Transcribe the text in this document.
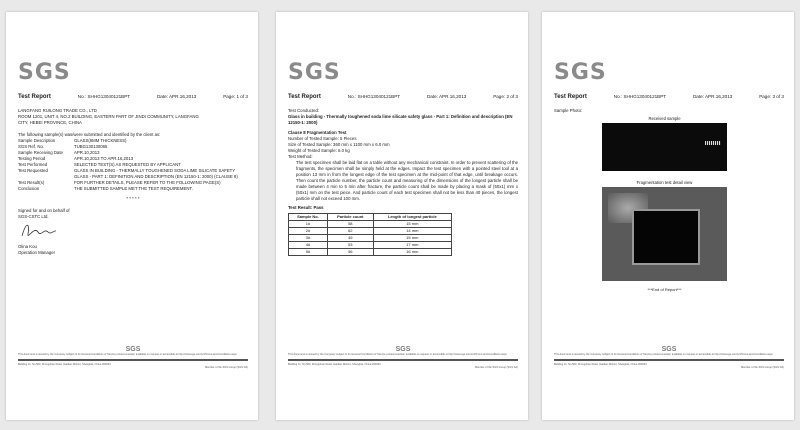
SGS
Test Report	No.: SHHG13040121BPT	Date: APR.16,2013	Page: 1 of 3
LANGFANG RUILONG TRADE CO., LTD
ROOM 1201, UNIT 4, NO.2 BUILDING, EASTERN PART OF JINDI COMMUNITY, LANGFANG
CITY, HEBEI PROVINCE, CHINA
The following sample(s) was/were submitted and identified by the client as:
Sample Description	GLASS(6MM THICKNESS)
SGS Ref. No.	TUBG130130065
Sample Receiving Date	APR.10,2013
Testing Period	APR.10,2013 TO APR.16,2013
Test Performed	SELECTED TEST(S) AS REQUESTED BY APPLICANT
Test Requested	GLASS IN BUILDING - THERMALLY TOUGHENED SODA LIME SILICATE SAFETY GLASS - PART 1: DEFINITION AND DESCRIPTION (EN 12150-1: 2000) (CLAUSE 8)
Test Result(s)	FOR FURTHER DETAILS, PLEASE REFER TO THE FOLLOWING PAGE(S)
Conclusion	THE SUBMITTED SAMPLE MET THE TEST REQUIREMENT.
* * * * *
Signed for and on behalf of
SGS-CSTC Ltd.
Olina Kou
Operation Manager
SGS
This document is issued by the Company subject to its General Conditions of Service printed overleaf, available on request or accessible at http://www.sgs.com/en/Terms-and-Conditions.aspx
Building 11, No.509, Zhongshan Road, Haidian District, Shanghai, China 200233
Member of the SGS Group (SGS SA)
SGS
Test Report	No.: SHHG13040121BPT	Date: APR.16,2013	Page: 2 of 3
Test Conducted:
Glass in building - Thermally toughened soda lime silicate safety glass - Part 1: Definition and description (EN 12150-1: 2000)
Clause 8 Fragmentation Test
Number of Tested Sample: 5 Pieces
Size of Tested Sample: 360 mm x 1100 mm x 6.0 mm
Weight of Tested Sample: 6.0 kg
Test Method:
The test specimen shall be laid flat on a table without any mechanical constraint. In order to prevent scattering of the fragments, the specimen shall be simply held at the edges. Impact the test specimen with a pointed steel tool at a position 13 mm in from the longest edge of the test specimen at the mid-point of that edge, until breakage occurs. Then count the particle number, the particle count and measuring of the dimensions of the longest particle shall be made between 4 min to 5 min after fracture, the particle count shall be made by placing a mask of (50x1) mm x (50x1) mm on the test piece. And particle count of each test specimen shall not be less than 40 pieces, the longest particle shall not exceed 100 mm.
Test Result: Pass
Sample No.	Particle count	Length of longest particle
1#	58	15 mm
2#	62	14 mm
3#	49	15 mm
4#	53	17 mm
5#	56	16 mm
SGS
This document is issued by the Company subject to its General Conditions of Service printed overleaf, available on request or accessible at http://www.sgs.com/en/Terms-and-Conditions.aspx
Building 11, No.509, Zhongshan Road, Haidian District, Shanghai, China 200233
Member of the SGS Group (SGS SA)
SGS
Test Report	No.: SHHG13040121BPT	Date: APR.16,2013	Page: 3 of 3
Sample Photo:
Received sample
Fragmentation test detail view
***End of Report***
SGS
This document is issued by the Company subject to its General Conditions of Service printed overleaf, available on request or accessible at http://www.sgs.com/en/Terms-and-Conditions.aspx
Building 11, No.509, Zhongshan Road, Haidian District, Shanghai, China 200233
Member of the SGS Group (SGS SA)
